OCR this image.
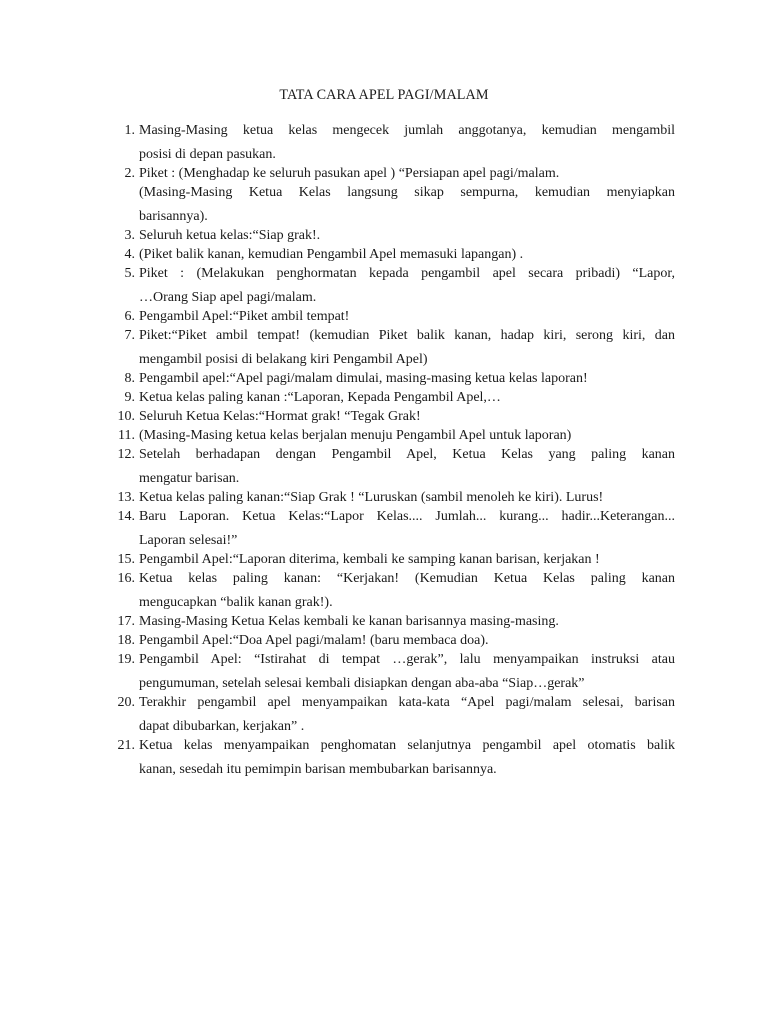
TATA CARA APEL PAGI/MALAM
1. Masing-Masing ketua kelas mengecek jumlah anggotanya, kemudian mengambil
posisi di depan pasukan.
2. Piket : (Menghadap ke seluruh pasukan apel ) “Persiapan apel pagi/malam.
(Masing-Masing Ketua Kelas langsung sikap sempurna, kemudian menyiapkan
barisannya).
3. Seluruh ketua kelas:“Siap grak!.
4. (Piket balik kanan, kemudian Pengambil Apel memasuki lapangan) .
5. Piket : (Melakukan penghormatan kepada pengambil apel secara pribadi) “Lapor,
…Orang Siap apel pagi/malam.
6. Pengambil Apel:“Piket ambil tempat!
7. Piket:“Piket ambil tempat! (kemudian Piket balik kanan, hadap kiri, serong kiri, dan
mengambil posisi di belakang kiri Pengambil Apel)
8. Pengambil apel:“Apel pagi/malam dimulai, masing-masing ketua kelas laporan!
9. Ketua kelas paling kanan :“Laporan, Kepada Pengambil Apel,…
10. Seluruh Ketua Kelas:“Hormat grak! “Tegak Grak!
11. (Masing-Masing ketua kelas berjalan menuju Pengambil Apel untuk laporan)
12. Setelah berhadapan dengan Pengambil Apel, Ketua Kelas yang paling kanan
mengatur barisan.
13. Ketua kelas paling kanan:“Siap Grak ! “Luruskan (sambil menoleh ke kiri). Lurus!
14. Baru Laporan. Ketua Kelas:“Lapor Kelas.... Jumlah... kurang... hadir...Keterangan...
Laporan selesai!”
15. Pengambil Apel:“Laporan diterima, kembali ke samping kanan barisan, kerjakan !
16. Ketua kelas paling kanan: “Kerjakan! (Kemudian Ketua Kelas paling kanan
mengucapkan “balik kanan grak!).
17. Masing-Masing Ketua Kelas kembali ke kanan barisannya masing-masing.
18. Pengambil Apel:“Doa Apel pagi/malam! (baru membaca doa).
19. Pengambil Apel: “Istirahat di tempat …gerak”, lalu menyampaikan instruksi atau
pengumuman, setelah selesai kembali disiapkan dengan aba-aba “Siap…gerak”
20. Terakhir pengambil apel menyampaikan kata-kata “Apel pagi/malam selesai, barisan
dapat dibubarkan, kerjakan” .
21. Ketua kelas menyampaikan penghomatan selanjutnya pengambil apel otomatis balik
kanan, sesedah itu pemimpin barisan membubarkan barisannya.
